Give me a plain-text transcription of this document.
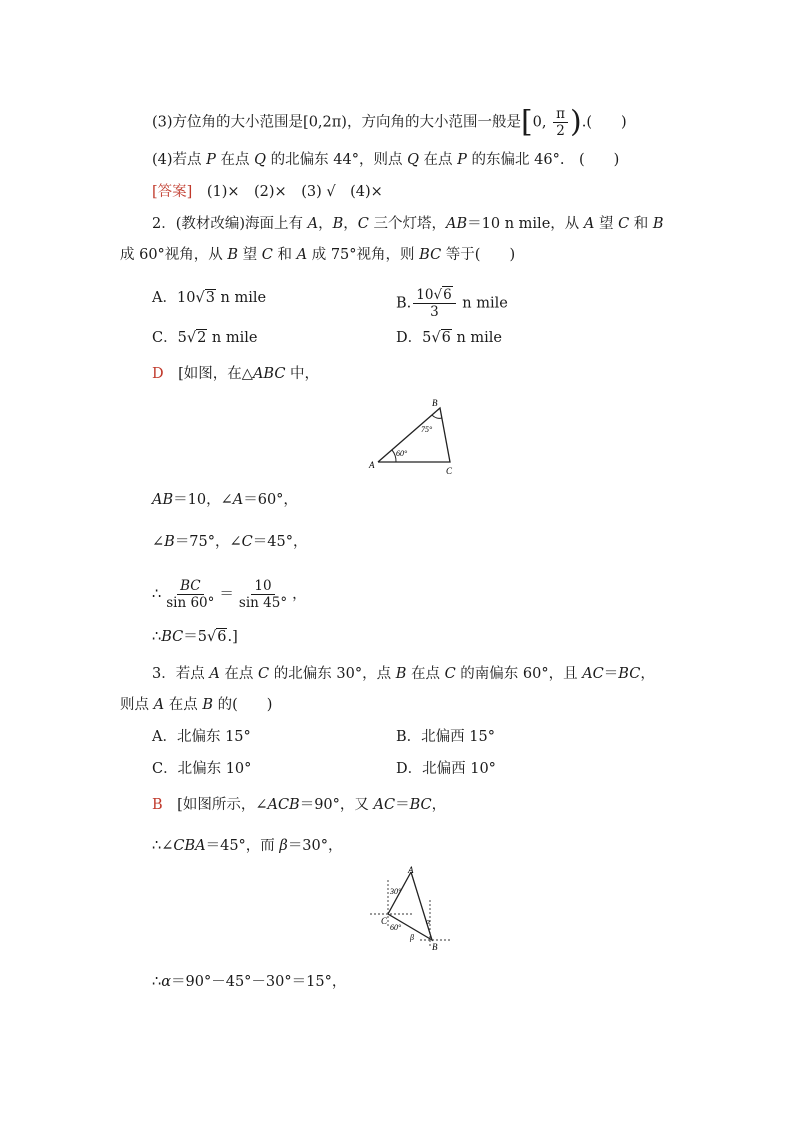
(3)方位角的大小范围是[0,2π)，方向角的大小范围一般是[0, $\frac{\pi}{2}$ ).(　　)
(4)若点 P 在点 Q 的北偏东 44°，则点 Q 在点 P 的东偏北 46°.　(　　)
[答案]　(1)×　(2)×　(3) √　(4)×
2．(教材改编)海面上有 A，B，C 三个灯塔，AB＝10 n mile，从 A 望 C 和 B
成 60°视角，从 B 望 C 和 A 成 75°视角，则 BC 等于(　　)
A．10√3 n mile	B. $\frac{10√6}{3}$ n mile
C．5√2 n mile	D．5√6 n mile
D　[如图，在△ABC 中，
A
B
C
60°
75°
AB＝10，∠A＝60°，
∠B＝75°，∠C＝45°，
∴ $\frac{BC}{\sin 60^\circ} = \frac{10}{\sin 45^\circ}$ ，
∴BC＝5√6.]
3．若点 A 在点 C 的北偏东 30°，点 B 在点 C 的南偏东 60°，且 AC＝BC，
则点 A 在点 B 的(　　)
A．北偏东 15°	B．北偏西 15°
C．北偏东 10°	D．北偏西 10°
B　[如图所示，∠ACB＝90°，又 AC＝BC，
∴∠CBA＝45°，而 β＝30°，
A
C
B
30°
60°
α
β
∴α＝90°－45°－30°＝15°，
